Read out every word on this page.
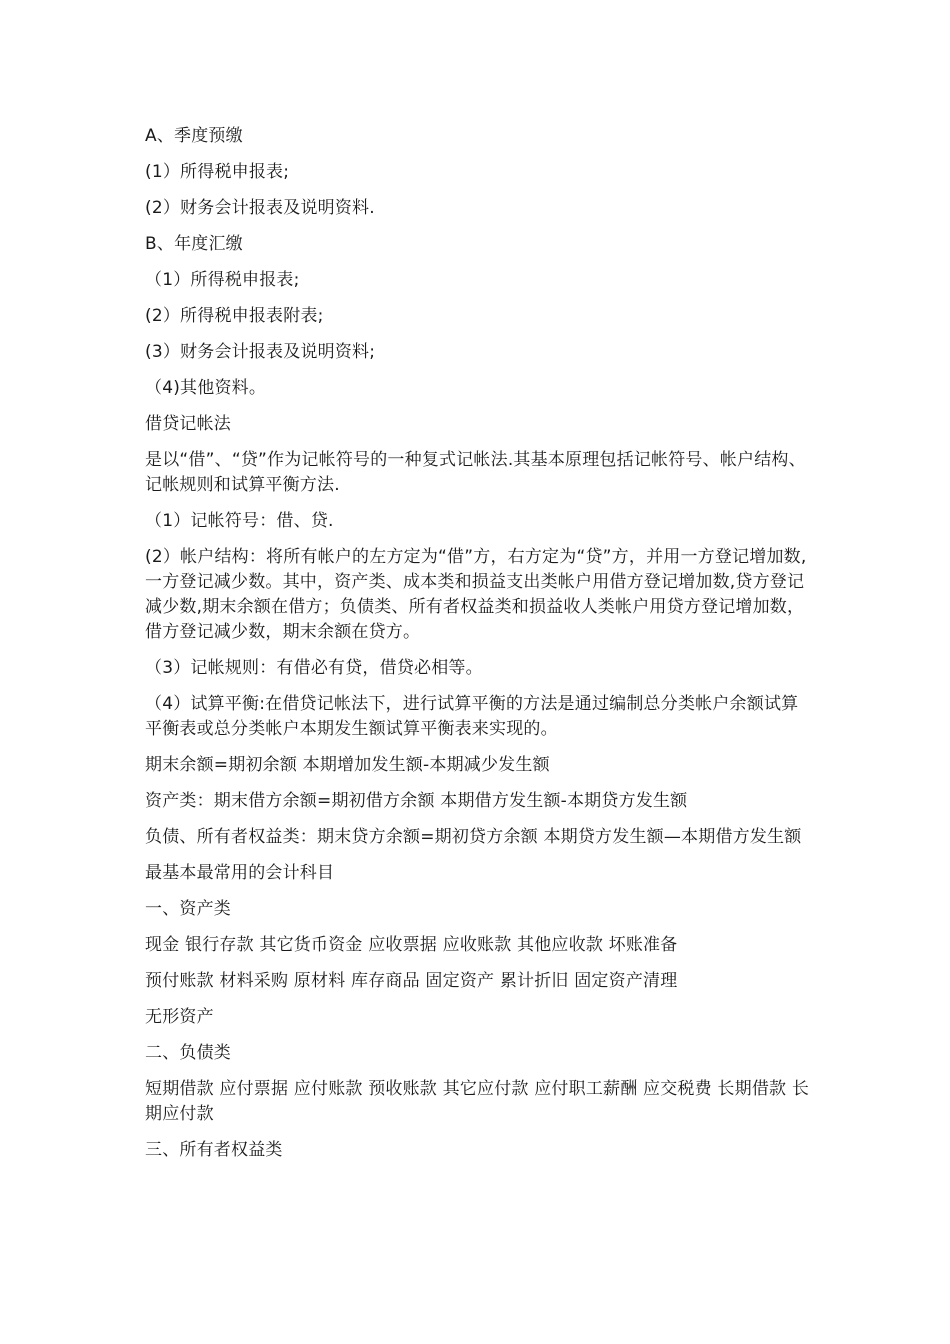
A、季度预缴

(1）所得税申报表;

(2）财务会计报表及说明资料.

B、年度汇缴

（1）所得税申报表;

(2）所得税申报表附表;

(3）财务会计报表及说明资料;

（4)其他资料。

借贷记帐法

是以“借”、“贷”作为记帐符号的一种复式记帐法.其基本原理包括记帐符号、帐户结构、记帐规则和试算平衡方法.

（1）记帐符号：借、贷.

(2）帐户结构：将所有帐户的左方定为“借”方，右方定为“贷”方，并用一方登记增加数,一方登记减少数。其中，资产类、成本类和损益支出类帐户用借方登记增加数,贷方登记减少数,期末余额在借方；负债类、所有者权益类和损益收人类帐户用贷方登记增加数，借方登记减少数，期末余额在贷方。

（3）记帐规则：有借必有贷，借贷必相等。

（4）试算平衡:在借贷记帐法下，进行试算平衡的方法是通过编制总分类帐户余额试算平衡表或总分类帐户本期发生额试算平衡表来实现的。

期末余额=期初余额 本期增加发生额-本期减少发生额

资产类：期末借方余额=期初借方余额 本期借方发生额-本期贷方发生额

负债、所有者权益类：期末贷方余额=期初贷方余额 本期贷方发生额—本期借方发生额

最基本最常用的会计科目

一、资产类

现金 银行存款 其它货币资金 应收票据 应收账款 其他应收款 坏账准备

预付账款 材料采购 原材料 库存商品 固定资产 累计折旧 固定资产清理

无形资产

二、负债类

短期借款 应付票据 应付账款 预收账款 其它应付款 应付职工薪酬 应交税费 长期借款 长期应付款

三、所有者权益类
